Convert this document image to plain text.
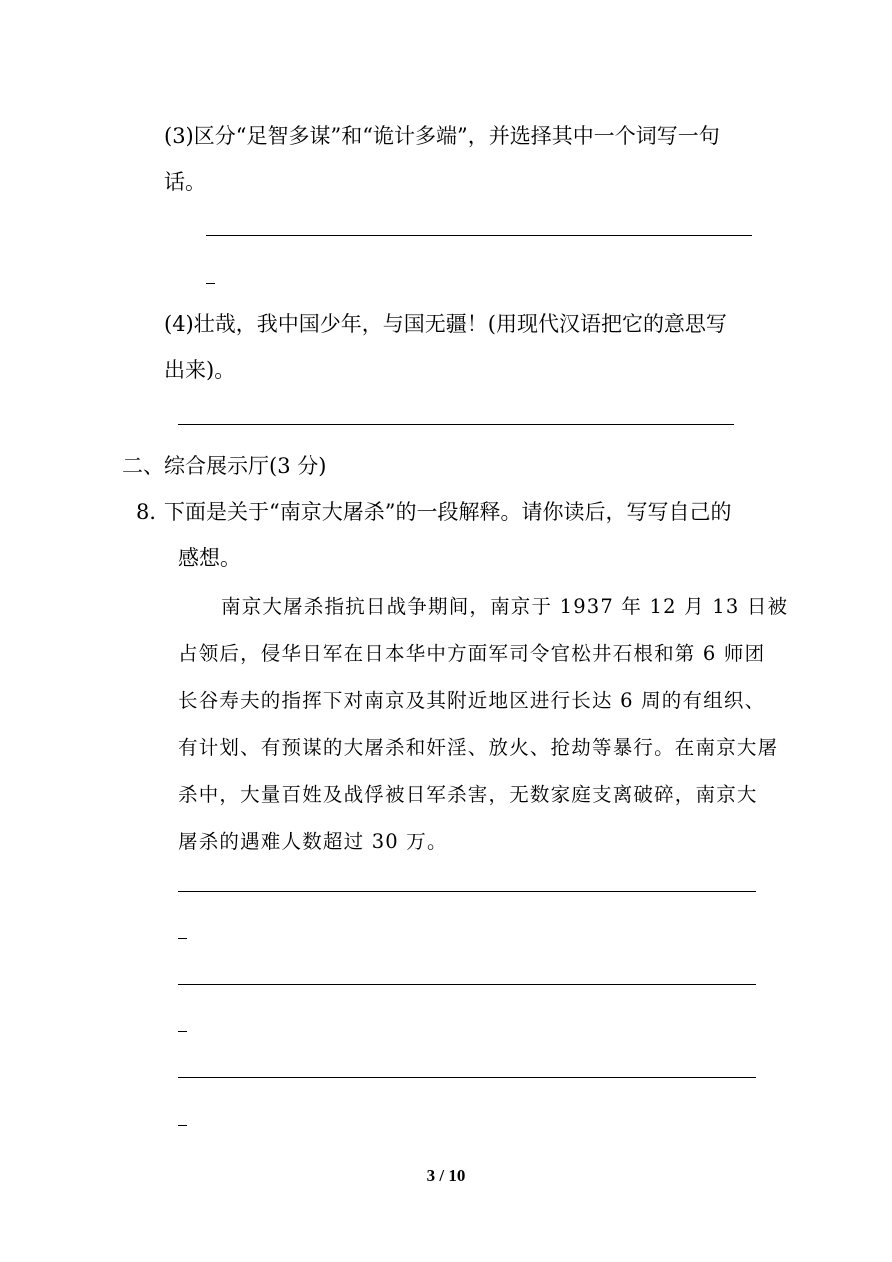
(3)区分“足智多谋”和“诡计多端”，并选择其中一个词写一句
话。
(4)壮哉，我中国少年，与国无疆！(用现代汉语把它的意思写
出来)。
二、综合展示厅(3 分)
8．
下面是关于“南京大屠杀”的一段解释。请你读后，写写自己的
感想。
南京大屠杀指抗日战争期间，南京于 1937 年 12 月 13 日被
占领后，侵华日军在日本华中方面军司令官松井石根和第 6 师团
长谷寿夫的指挥下对南京及其附近地区进行长达 6 周的有组织、
有计划、有预谋的大屠杀和奸淫、放火、抢劫等暴行。在南京大屠
杀中，大量百姓及战俘被日军杀害，无数家庭支离破碎，南京大
屠杀的遇难人数超过 30 万。
3 / 10
